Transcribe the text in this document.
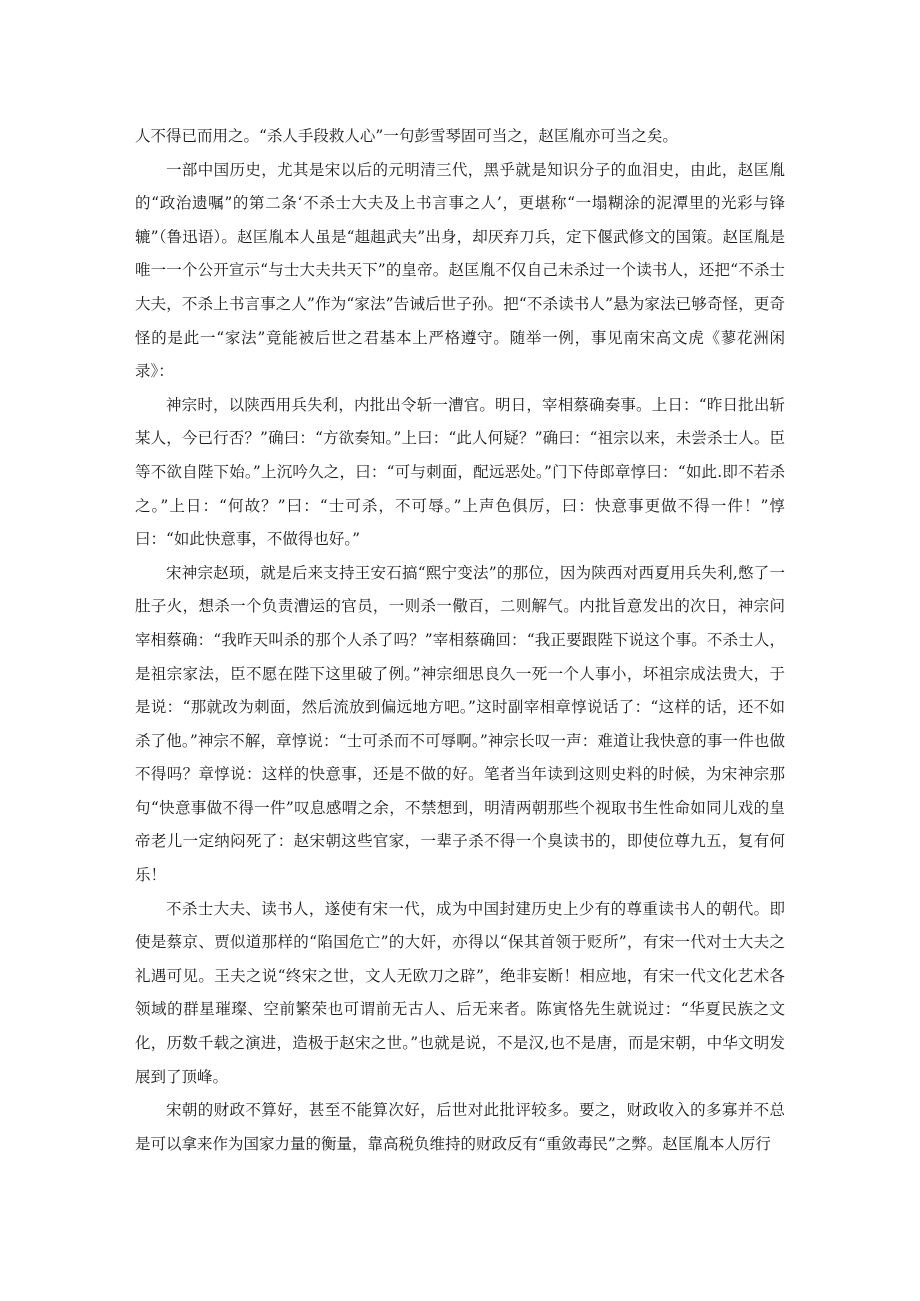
人不得已而用之。“杀人手段救人心”一句彭雪琴固可当之，赵匡胤亦可当之矣。

一部中国历史，尤其是宋以后的元明清三代，黑乎就是知识分子的血泪史，由此，赵匡胤的“政治遗嘱”的第二条‘不杀士大夫及上书言事之人’，更堪称“一塌糊涂的泥潭里的光彩与锋辘”（鲁迅语）。赵匡胤本人虽是“趄趄武夫”出身，却厌弃刀兵，定下偃武修文的国策。赵匡胤是唯一一个公开宣示“与士大夫共天下”的皇帝。赵匡胤不仅自己未杀过一个读书人，还把“不杀士大夫，不杀上书言事之人”作为“家法”告诫后世子孙。把“不杀读书人”悬为家法已够奇怪，更奇怪的是此一“家法”竟能被后世之君基本上严格遵守。随举一例，事见南宋高文虎《蓼花洲闲录》：

神宗时，以陕西用兵失利，内批出令斩一漕官。明日，宰相蔡确奏事。上日：“昨日批出斩某人，今已行否？”确曰：“方欲奏知。”上曰：“此人何疑？”确曰：“祖宗以来，未尝杀士人。臣等不欲自陛下始。”上沉吟久之，曰：“可与刺面，配远恶处。”门下侍郎章惇曰：“如此.即不若杀之。”上日：“何故？”曰：“士可杀，不可辱。”上声色俱厉，曰：快意事更做不得一件！”惇曰：“如此快意事，不做得也好。”

宋神宗赵顼，就是后来支持王安石搞“熙宁变法”的那位，因为陕西对西夏用兵失利,憋了一肚子火，想杀一个负责漕运的官员，一则杀一儆百，二则解气。内批旨意发出的次日，神宗问宰相蔡确：“我昨天叫杀的那个人杀了吗？”宰相蔡确回：“我正要跟陛下说这个事。不杀士人，是祖宗家法，臣不愿在陛下这里破了例。”神宗细思良久一死一个人事小，坏祖宗成法贵大，于是说：“那就改为刺面，然后流放到偏远地方吧。”这时副宰相章惇说话了：“这样的话，还不如杀了他。”神宗不解，章惇说：“士可杀而不可辱啊。”神宗长叹一声：难道让我快意的事一件也做不得吗？章惇说：这样的快意事，还是不做的好。笔者当年读到这则史料的时候，为宋神宗那句“快意事做不得一件”叹息感喟之余，不禁想到，明清两朝那些个视取书生性命如同儿戏的皇帝老儿一定纳闷死了：赵宋朝这些官家，一辈子杀不得一个臭读书的，即使位尊九五，复有何乐！

不杀士大夫、读书人，遂使有宋一代，成为中国封建历史上少有的尊重读书人的朝代。即使是蔡京、贾似道那样的“陷国危亡”的大奸，亦得以“保其首领于贬所”，有宋一代对士大夫之礼遇可见。王夫之说“终宋之世，文人无欧刀之辟”，绝非妄断！相应地，有宋一代文化艺术各领域的群星璀璨、空前繁荣也可谓前无古人、后无来者。陈寅恪先生就说过：“华夏民族之文化，历数千载之演进，造极于赵宋之世。”也就是说，不是汉,也不是唐，而是宋朝，中华文明发展到了顶峰。

宋朝的财政不算好，甚至不能算次好，后世对此批评较多。要之，财政收入的多寡并不总是可以拿来作为国家力量的衡量，靠高税负维持的财政反有“重敛毒民”之弊。赵匡胤本人厉行
